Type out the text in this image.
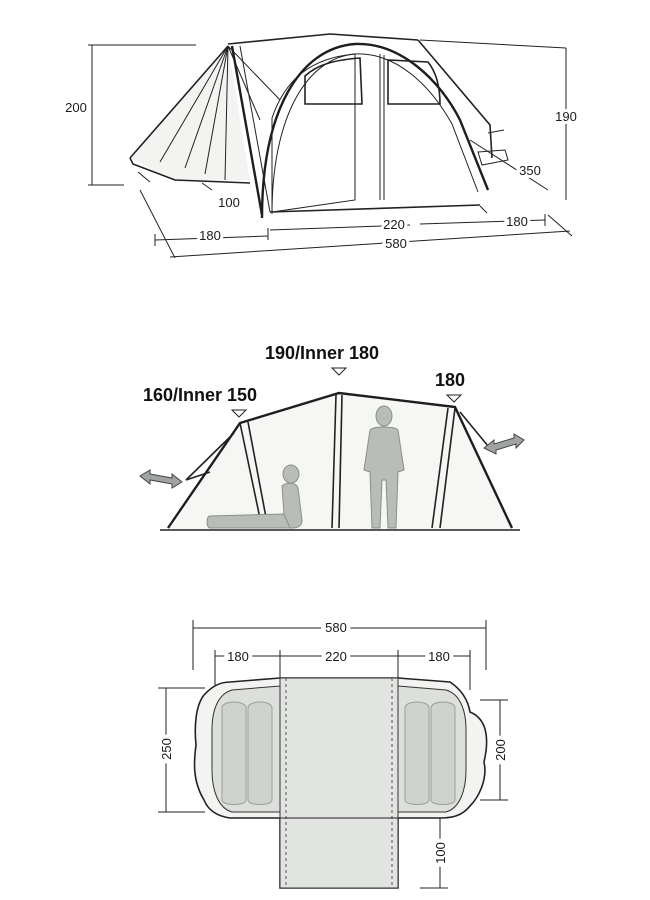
200
190
100
350
180
220	180
580
190/Inner 180
160/Inner 150
180
580
180	220	180
250	200
100
